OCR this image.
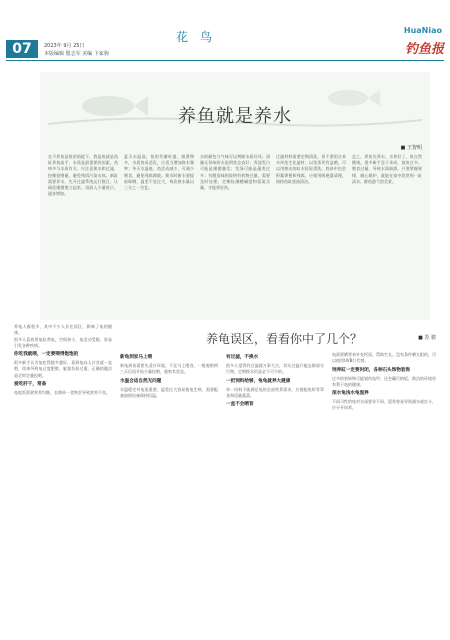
07	2023年 9月 25日
本版编辑 殷志军 美编 卞家驹
花鸟	HuaNiao
钓鱼报
养鱼就是养水
■ 王智明
在不养鱼是鱼的前提下，我是鱼就是鱼缸养鱼高手，水质是最重要的因素。鱼病多与水质有关，应注意换水和过滤，控制投喂量，避免残饵污染水体。新缸需要养水，先开过滤系统运行数日，让硝化细菌建立起来，再放入少量鱼只，逐步增加。
夏天水温高，鱼的代谢旺盛，排泄物多，水质容易恶化，应适当增加换水频率；冬天水温低，鱼活动减少，可减少喂食，避免残饵腐败。换水时新水要提前晾晒，温差不宜过大，每次换水量以三分之一为宜。
水的颜色与气味可以判断水质好坏。清澈无异味的水说明状态良好；浑浊发白可能是细菌暴发；发绿可能是藻类过多；有腥臭味则说明有机物过量，需要及时处理。定期检测酸碱度和氨氮含量，才能养好鱼。
过滤材料需要定期清洗，但不要用自来水冲洗生化滤材，以免杀死有益菌。可以用换出的缸水轻轻漂洗。底砂中也会积累粪便和残饵，应使用吸便器清理，保持鱼缸底部清洁。
总之，养鱼先养水。水养好了，鱼自然健康。很多新手急于求成，放鱼过多、喂食过量，导致水质崩溃。只要掌握规律，耐心维护，就能在家中欣赏到一缸清水、群鱼游弋的美景。

养龟人群很多，其中不少人存在误区，影响了龟的健康。

很多人喜欢用龟缸养龟，空间狭小，龟活动受限，容易引发各种疾病。

你吃我就喂，一定要喂得饱饱的

很多新手认为龟吃得越多越好，看到龟向人讨食就一直喂，结果导致龟过度肥胖，脏器负担过重。正确的做法是定时定量投喂。

爱吃肝干，常备

龟吃饭需要营养均衡，长期单一食物会导致营养不良。

养龟误区，看看你中了几个？	■ 苏 骏
新龟到家马上喂

新龟到家需要先适应环境，不宜马上喂食。一般观察两三天后再开始少量投喂，观察其状态。

水温合适自然无问题

水温稳定对龟很重要，温差过大容易使龟生病，需要配备加热设备保持恒温。

有过滤，不换水

很多人觉得有过滤就万事大吉，其实过滤只能去除部分污物，定期换水仍是必不可少的。

一把饲料给够，龟龟就养大健康

单一饲料不能满足龟的全部营养需求，应搭配鱼虾等荤食和适量蔬菜。

一直不会晒背

龟需要晒背来补充钙质，帮助生长。没有条件晒太阳的，可以使用UVB灯代替。

饲养缸一定要封闭，各种石头饰物装饰

过多的装饰物可能划伤龟甲，还会藏污纳垢，简洁的环境更有利于龟的健康。

深水龟浅水龟混养

不同习性的龟对水深要求不同，混养容易导致溺水或打斗，应分开饲养。
